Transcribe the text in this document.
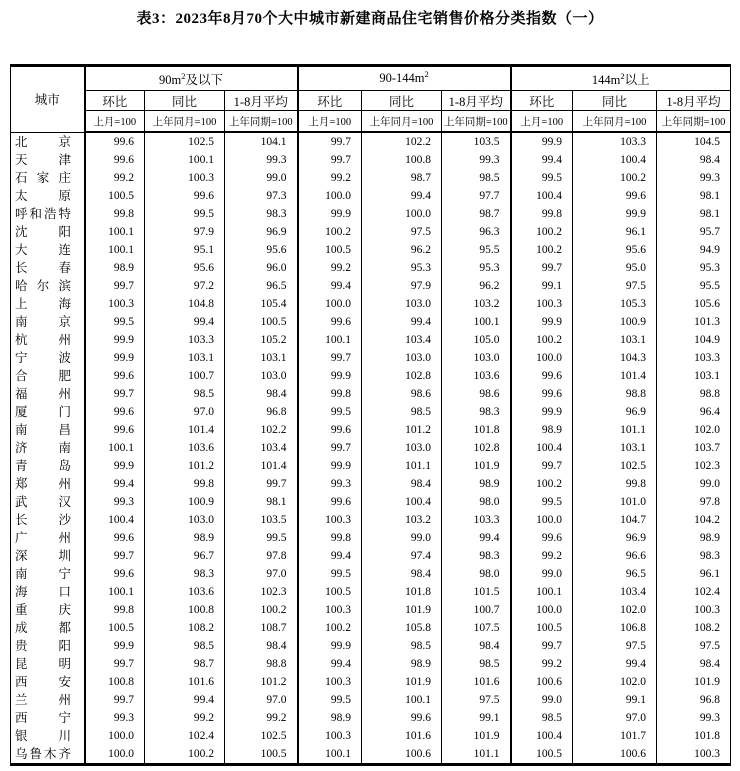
表3：2023年8月70个大中城市新建商品住宅销售价格分类指数（一）
城市	$90m^2$及以下			$90-144m^2$			$144m^2$以上		
	环比	同比	1-8月平均	环比	同比	1-8月平均	环比	同比	1-8月平均
	上月=100	上年同月=100	上年同期=100	上月=100	上年同月=100	上年同期=100	上月=100	上年同月=100	上年同期=100

北京	99.6	102.5	104.1	99.7	102.2	103.5	99.9	103.3	104.5

天津	99.6	100.1	99.3	99.7	100.8	99.3	99.4	100.4	98.4

石家庄	99.2	100.3	99.0	99.2	98.7	98.5	99.5	100.2	99.3

太原	100.5	99.6	97.3	100.0	99.4	97.7	100.4	99.6	98.1

呼和浩特	99.8	99.5	98.3	99.9	100.0	98.7	99.8	99.9	98.1

沈阳	100.1	97.9	96.9	100.2	97.5	96.3	100.2	96.1	95.7

大连	100.1	95.1	95.6	100.5	96.2	95.5	100.2	95.6	94.9

长春	98.9	95.6	96.0	99.2	95.3	95.3	99.7	95.0	95.3

哈尔滨	99.7	97.2	96.5	99.4	97.9	96.2	99.1	97.5	95.5

上海	100.3	104.8	105.4	100.0	103.0	103.2	100.3	105.3	105.6

南京	99.5	99.4	100.5	99.6	99.4	100.1	99.9	100.9	101.3

杭州	99.9	103.3	105.2	100.1	103.4	105.0	100.2	103.1	104.9

宁波	99.9	103.1	103.1	99.7	103.0	103.0	100.0	104.3	103.3

合肥	99.6	100.7	103.0	99.9	102.8	103.6	99.6	101.4	103.1

福州	99.7	98.5	98.4	99.8	98.6	98.6	99.6	98.8	98.8

厦门	99.6	97.0	96.8	99.5	98.5	98.3	99.9	96.9	96.4

南昌	99.6	101.4	102.2	99.6	101.2	101.8	98.9	101.1	102.0

济南	100.1	103.6	103.4	99.7	103.0	102.8	100.4	103.1	103.7

青岛	99.9	101.2	101.4	99.9	101.1	101.9	99.7	102.5	102.3

郑州	99.4	99.8	99.7	99.3	98.4	98.9	100.2	99.8	99.0

武汉	99.3	100.9	98.1	99.6	100.4	98.0	99.5	101.0	97.8

长沙	100.4	103.0	103.5	100.3	103.2	103.3	100.0	104.7	104.2

广州	99.6	98.9	99.5	99.8	99.0	99.4	99.6	96.9	98.9

深圳	99.7	96.7	97.8	99.4	97.4	98.3	99.2	96.6	98.3

南宁	99.6	98.3	97.0	99.5	98.4	98.0	99.0	96.5	96.1

海口	100.1	103.6	102.3	100.5	101.8	101.5	100.1	103.4	102.4

重庆	99.8	100.8	100.2	100.3	101.9	100.7	100.0	102.0	100.3

成都	100.5	108.2	108.7	100.2	105.8	107.5	100.5	106.8	108.2

贵阳	99.9	98.5	98.4	99.9	98.5	98.4	99.7	97.5	97.5

昆明	99.7	98.7	98.8	99.4	98.9	98.5	99.2	99.4	98.4

西安	100.8	101.6	101.2	100.3	101.9	101.6	100.6	102.0	101.9

兰州	99.7	99.4	97.0	99.5	100.1	97.5	99.0	99.1	96.8

西宁	99.3	99.2	99.2	98.9	99.6	99.1	98.5	97.0	99.3

银川	100.0	102.4	102.5	100.3	101.6	101.9	100.4	101.7	101.8

乌鲁木齐	100.0	100.2	100.5	100.1	100.6	101.1	100.5	100.6	100.3
